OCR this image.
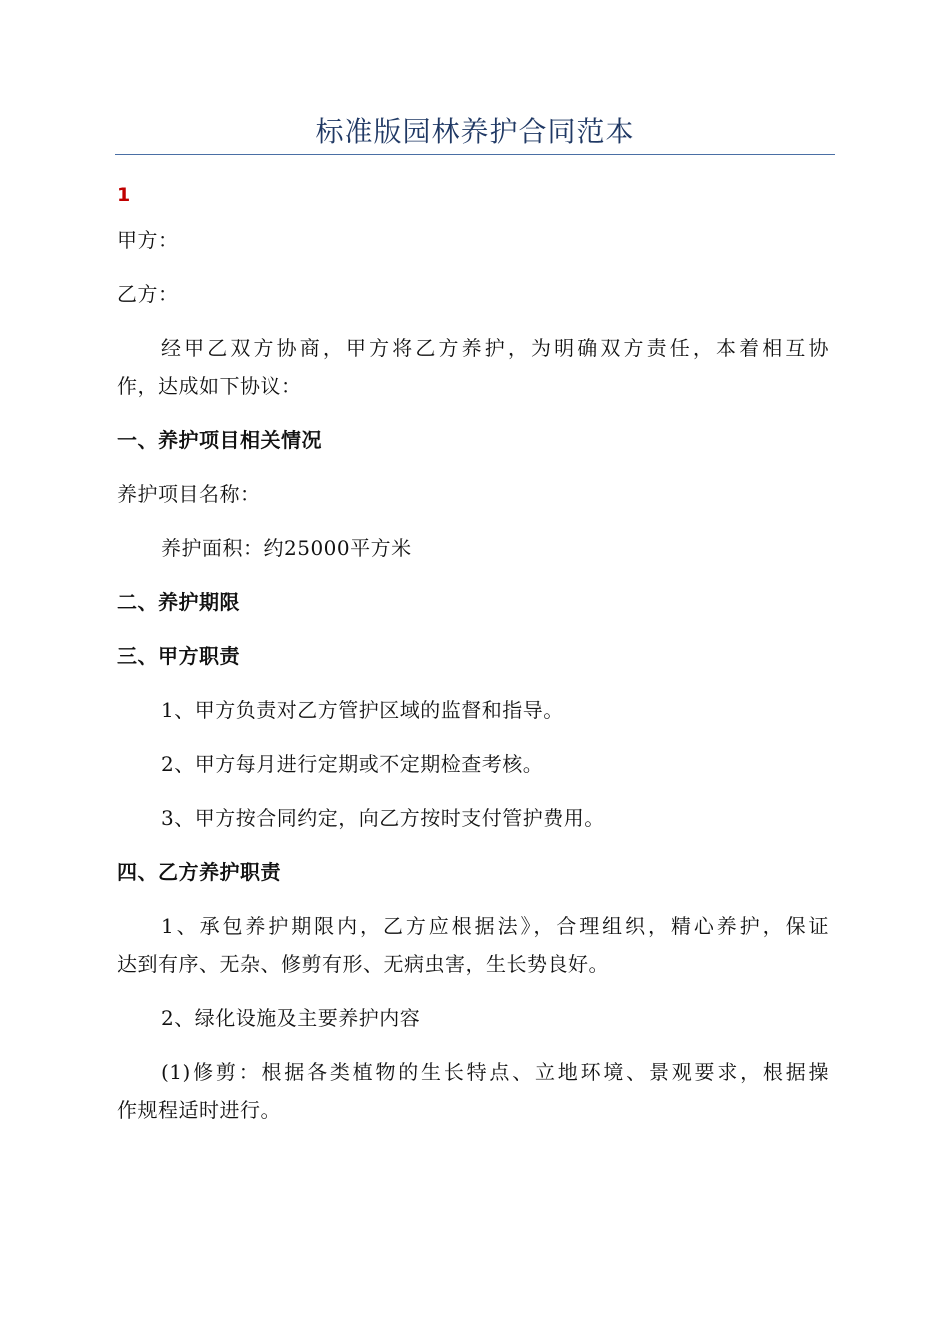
标准版园林养护合同范本
1
甲方：
乙方：
经甲乙双方协商，甲方将乙方养护，为明确双方责任，本着相互协
作，达成如下协议：
一、养护项目相关情况
养护项目名称：
养护面积：约25000平方米
二、养护期限
三、甲方职责
1、甲方负责对乙方管护区域的监督和指导。
2、甲方每月进行定期或不定期检查考核。
3、甲方按合同约定，向乙方按时支付管护费用。
四、乙方养护职责
1、承包养护期限内，乙方应根据法》，合理组织，精心养护，保证
达到有序、无杂、修剪有形、无病虫害，生长势良好。
2、绿化设施及主要养护内容
(1)修剪：根据各类植物的生长特点、立地环境、景观要求，根据操
作规程适时进行。
